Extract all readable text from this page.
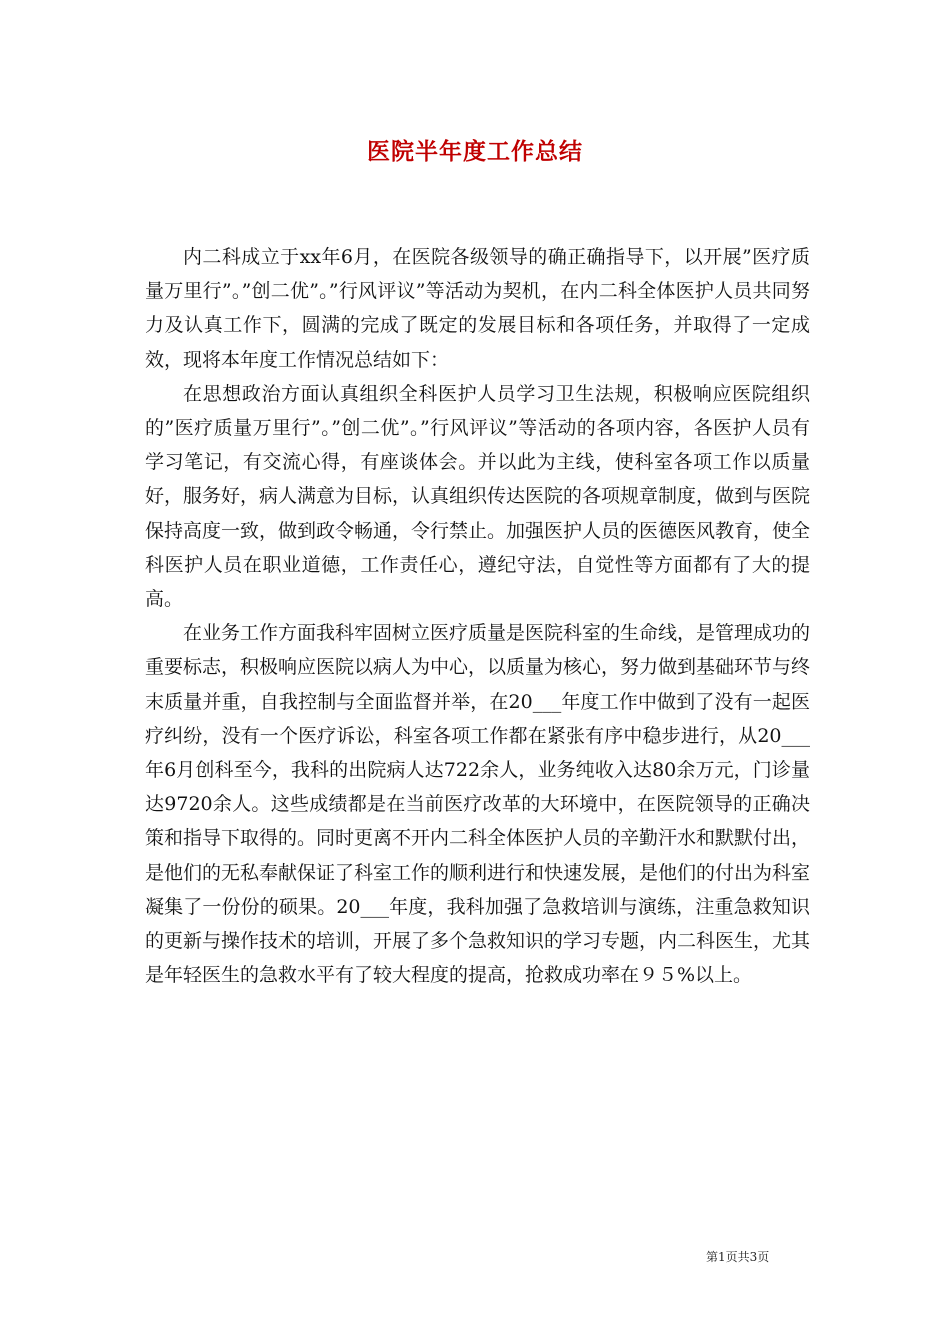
医院半年度工作总结

内二科成立于xx年6月，在医院各级领导的确正确指导下，以开展”医疗质量万里行”。”创二优”。”行风评议”等活动为契机，在内二科全体医护人员共同努力及认真工作下，圆满的完成了既定的发展目标和各项任务，并取得了一定成效，现将本年度工作情况总结如下：

在思想政治方面认真组织全科医护人员学习卫生法规，积极响应医院组织的”医疗质量万里行”。”创二优”。”行风评议”等活动的各项内容，各医护人员有学习笔记，有交流心得，有座谈体会。并以此为主线，使科室各项工作以质量好，服务好，病人满意为目标，认真组织传达医院的各项规章制度，做到与医院保持高度一致，做到政令畅通，令行禁止。加强医护人员的医德医风教育，使全科医护人员在职业道德，工作责任心，遵纪守法，自觉性等方面都有了大的提高。

在业务工作方面我科牢固树立医疗质量是医院科室的生命线，是管理成功的重要标志，积极响应医院以病人为中心，以质量为核心，努力做到基础环节与终末质量并重，自我控制与全面监督并举，在20___年度工作中做到了没有一起医疗纠纷，没有一个医疗诉讼，科室各项工作都在紧张有序中稳步进行，从20___年6月创科至今，我科的出院病人达722余人，业务纯收入达80余万元，门诊量达9720余人。这些成绩都是在当前医疗改革的大环境中，在医院领导的正确决策和指导下取得的。同时更离不开内二科全体医护人员的辛勤汗水和默默付出，是他们的无私奉献保证了科室工作的顺利进行和快速发展，是他们的付出为科室凝集了一份份的硕果。20___年度，我科加强了急救培训与演练，注重急救知识的更新与操作技术的培训，开展了多个急救知识的学习专题，内二科医生，尤其是年轻医生的急救水平有了较大程度的提高，抢救成功率在９５%以上。

第1页共3页
